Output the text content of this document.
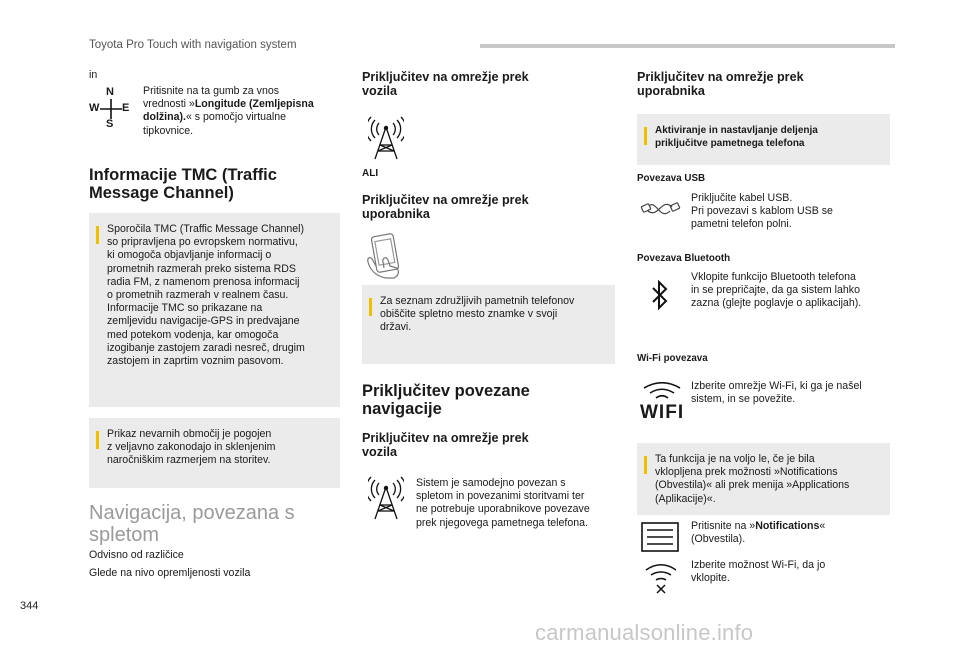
Toyota Pro Touch with navigation system
in
N
W E
S
Pritisnite na ta gumb za vnos
vrednosti »Longitude (Zemljepisna
dolžina).« s pomočjo virtualne
tipkovnice.
Informacije TMC (Traffic
Message Channel)
Sporočila TMC (Traffic Message Channel)
so pripravljena po evropskem normativu,
ki omogoča objavljanje informacij o
prometnih razmerah preko sistema RDS
radia FM, z namenom prenosa informacij
o prometnih razmerah v realnem času.
Informacije TMC so prikazane na
zemljevidu navigacije-GPS in predvajane
med potekom vodenja, kar omogoča
izogibanje zastojem zaradi nesreč, drugim
zastojem in zaprtim voznim pasovom.
Prikaz nevarnih območij je pogojen
z veljavno zakonodajo in sklenjenim
naročniškim razmerjem na storitev.
Navigacija, povezana s
spletom
Odvisno od različice
Glede na nivo opremljenosti vozila
Priključitev na omrežje prek
vozila
ALI
Priključitev na omrežje prek
uporabnika
Za seznam združljivih pametnih telefonov
obiščite spletno mesto znamke v svoji
državi.
Priključitev povezane
navigacije
Priključitev na omrežje prek
vozila
Sistem je samodejno povezan s
spletom in povezanimi storitvami ter
ne potrebuje uporabnikove povezave
prek njegovega pametnega telefona.
Priključitev na omrežje prek
uporabnika
Aktiviranje in nastavljanje deljenja
priključitve pametnega telefona
Povezava USB
Priključite kabel USB.
Pri povezavi s kablom USB se
pametni telefon polni.
Povezava Bluetooth
Vklopite funkcijo Bluetooth telefona
in se prepričajte, da ga sistem lahko
zazna (glejte poglavje o aplikacijah).
Wi-Fi povezava
WIFI
Izberite omrežje Wi-Fi, ki ga je našel
sistem, in se povežite.
Ta funkcija je na voljo le, če je bila
vklopljena prek možnosti »Notifications
(Obvestila)« ali prek menija »Applications
(Aplikacije)«.
Pritisnite na »Notifications«
(Obvestila).
Izberite možnost Wi-Fi, da jo
vklopite.
344
carmanualsonline.info
